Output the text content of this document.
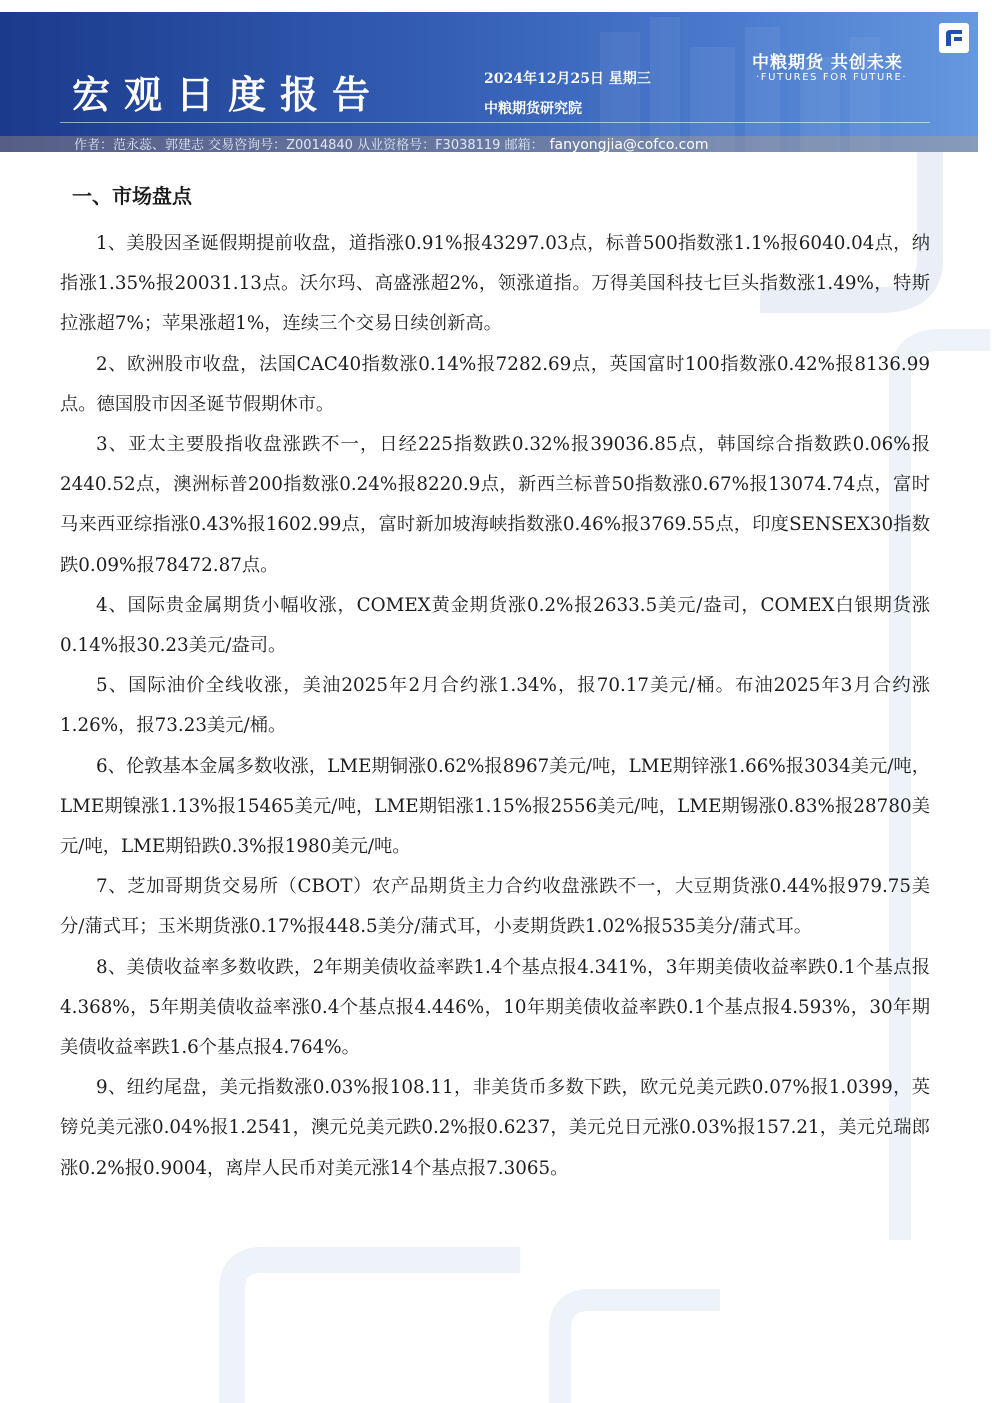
宏观日度报告	2024年12月25日 星期三
中粮期货研究院
中粮期货 共创未来
·FUTURES FOR FUTURE·
作者：范永蕊、郭建志 交易咨询号：Z0014840 从业资格号：F3038119 邮箱： fanyongjia@cofco.com
一、市场盘点

1、美股因圣诞假期提前收盘，道指涨0.91%报43297.03点，标普500指数涨1.1%报6040.04点，纳指涨1.35%报20031.13点。沃尔玛、高盛涨超2%，领涨道指。万得美国科技七巨头指数涨1.49%，特斯拉涨超7%；苹果涨超1%，连续三个交易日续创新高。

2、欧洲股市收盘，法国CAC40指数涨0.14%报7282.69点，英国富时100指数涨0.42%报8136.99点。德国股市因圣诞节假期休市。

3、亚太主要股指收盘涨跌不一，日经225指数跌0.32%报39036.85点，韩国综合指数跌0.06%报2440.52点，澳洲标普200指数涨0.24%报8220.9点，新西兰标普50指数涨0.67%报13074.74点，富时马来西亚综指涨0.43%报1602.99点，富时新加坡海峡指数涨0.46%报3769.55点，印度SENSEX30指数跌0.09%报78472.87点。

4、国际贵金属期货小幅收涨，COMEX黄金期货涨0.2%报2633.5美元/盎司，COMEX白银期货涨0.14%报30.23美元/盎司。

5、国际油价全线收涨，美油2025年2月合约涨1.34%，报70.17美元/桶。布油2025年3月合约涨1.26%，报73.23美元/桶。

6、伦敦基本金属多数收涨，LME期铜涨0.62%报8967美元/吨，LME期锌涨1.66%报3034美元/吨，LME期镍涨1.13%报15465美元/吨，LME期铝涨1.15%报2556美元/吨，LME期锡涨0.83%报28780美元/吨，LME期铅跌0.3%报1980美元/吨。

7、芝加哥期货交易所（CBOT）农产品期货主力合约收盘涨跌不一，大豆期货涨0.44%报979.75美分/蒲式耳；玉米期货涨0.17%报448.5美分/蒲式耳，小麦期货跌1.02%报535美分/蒲式耳。

8、美债收益率多数收跌，2年期美债收益率跌1.4个基点报4.341%，3年期美债收益率跌0.1个基点报4.368%，5年期美债收益率涨0.4个基点报4.446%，10年期美债收益率跌0.1个基点报4.593%，30年期美债收益率跌1.6个基点报4.764%。

9、纽约尾盘，美元指数涨0.03%报108.11，非美货币多数下跌，欧元兑美元跌0.07%报1.0399，英镑兑美元涨0.04%报1.2541，澳元兑美元跌0.2%报0.6237，美元兑日元涨0.03%报157.21，美元兑瑞郎涨0.2%报0.9004，离岸人民币对美元涨14个基点报7.3065。
